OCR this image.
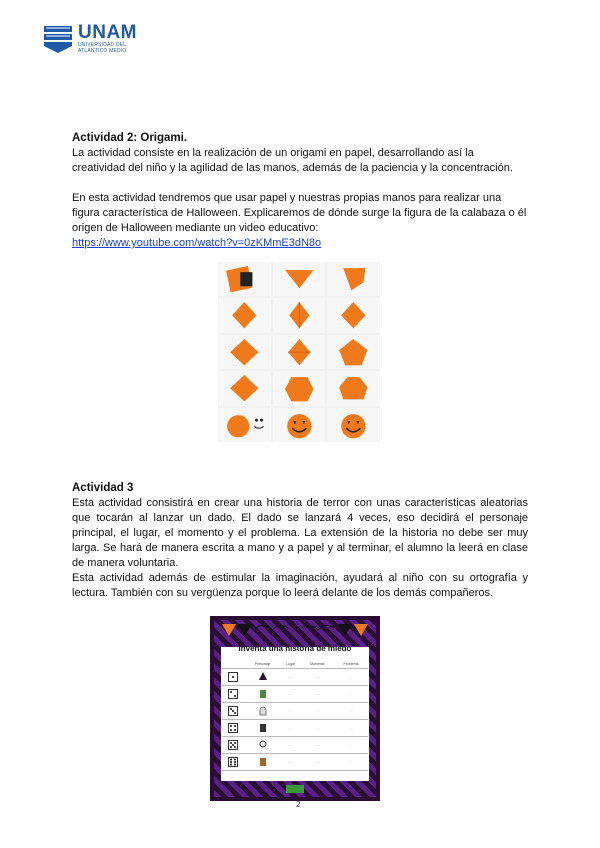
UNAM
UNIVERSIDAD DEL
ATLÁNTICO MEDIO
Actividad 2: Origami.
La actividad consiste en la realización de un origami en papel, desarrollando así la creatividad del niño y la agilidad de las manos, además de la paciencia y la concentración.
En esta actividad tendremos que usar papel y nuestras propias manos para realizar una figura característica de Halloween. Explicaremos de dónde surge la figura de la calabaza o él origen de Halloween mediante un video educativo:
https://www.youtube.com/watch?v=0zKMmE3dN8o
Actividad 3
Esta actividad consistirá en crear una historia de terror con unas características aleatorias que tocarán al lanzar un dado. El dado se lanzará 4 veces, eso decidirá el personaje principal, el lugar, el momento y el problema. La extensión de la historia no debe ser muy larga. Se hará de manera escrita a mano y a papel y al terminar, el alumno la leerá en clase de manera voluntaria.
Esta actividad además de estimular la imaginación, ayudará al niño con su ortografía y lectura. También con su vergüenza porque lo leerá delante de los demás compañeros.
Inventa una historia de miedo
	Personaje	Lugar	Momento	Problema
		···	···	···
		···	···	···
		···	···	···
		···	···	···
		···	···	···
		···	···	···
2
